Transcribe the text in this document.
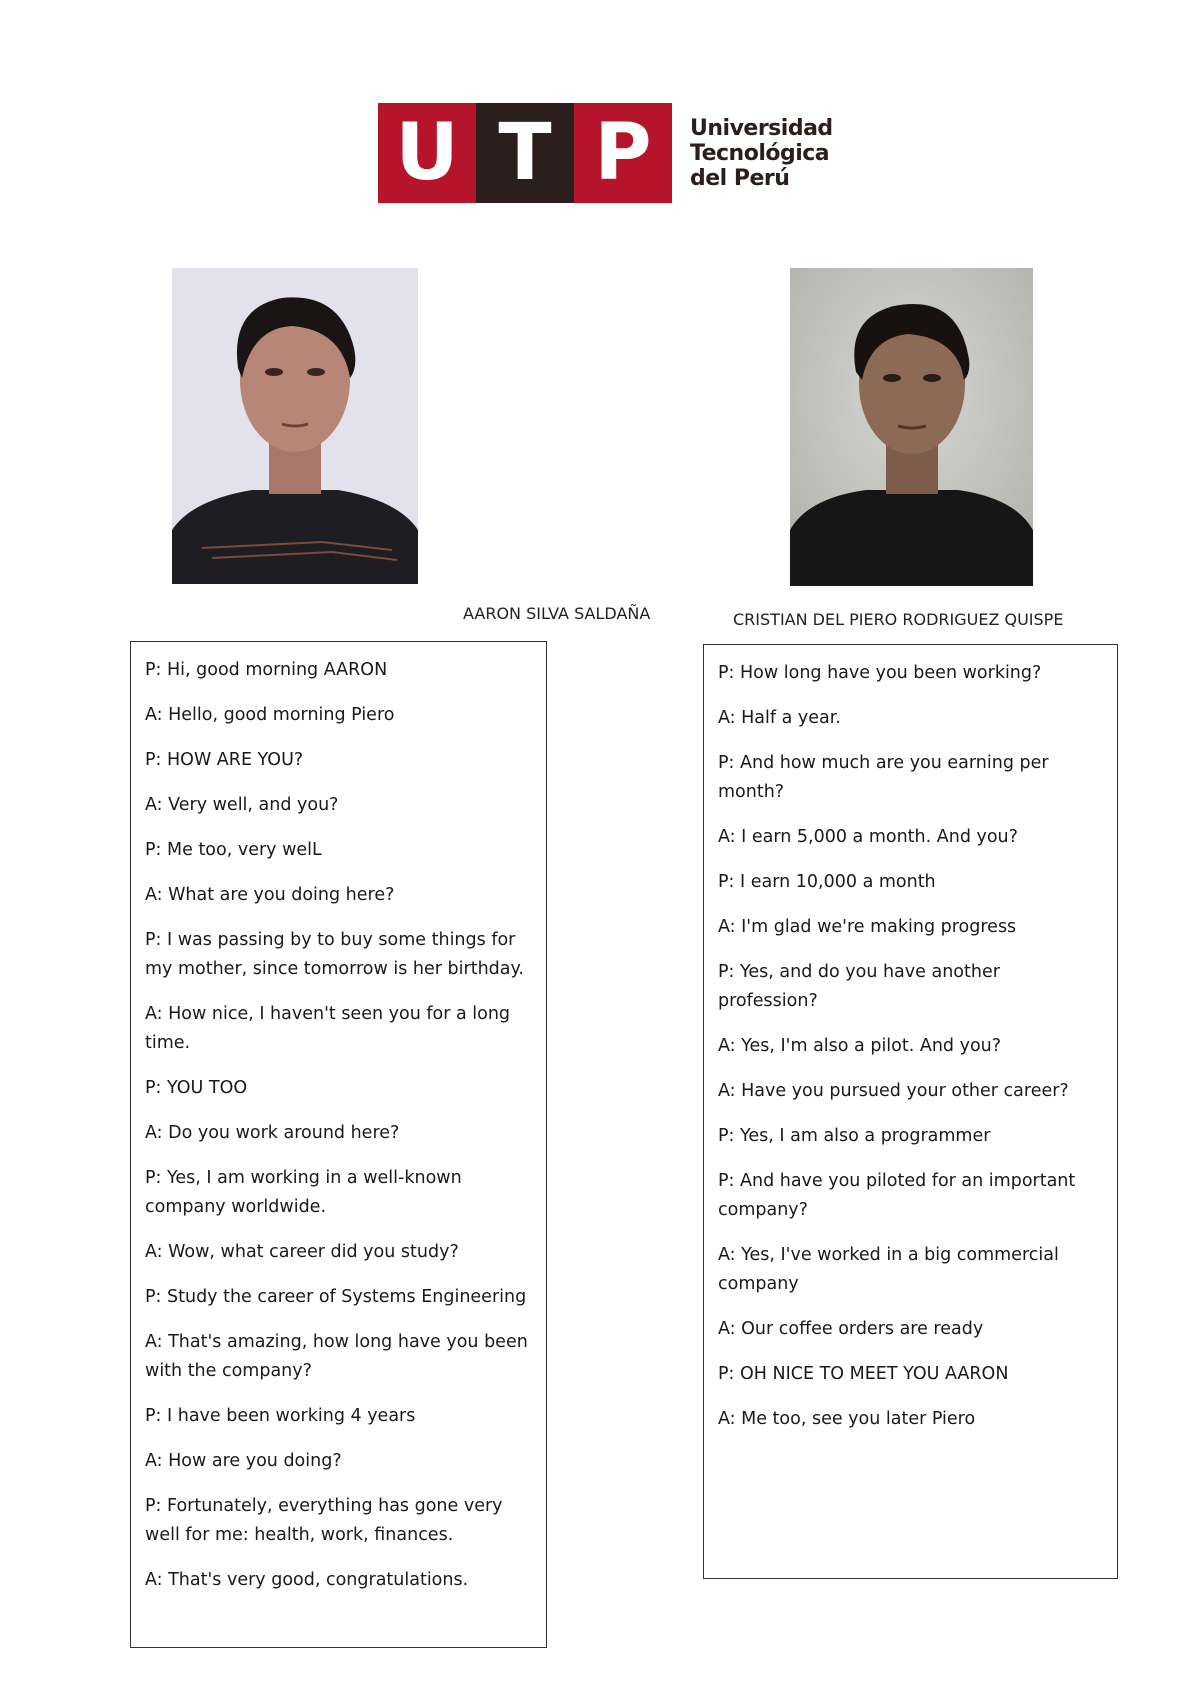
U T P	Universidad
Tecnológica
del Perú
AARON SILVA SALDAÑA	CRISTIAN DEL PIERO RODRIGUEZ QUISPE
P: Hi, good morning AARON
A: Hello, good morning Piero
P: HOW ARE YOU?
A: Very well, and you?
P: Me too, very welL
A: What are you doing here?
P: I was passing by to buy some things for my mother, since tomorrow is her birthday.
A: How nice, I haven't seen you for a long time.
P: YOU TOO
A: Do you work around here?
P: Yes, I am working in a well-known company worldwide.
A: Wow, what career did you study?
P: Study the career of Systems Engineering
A: That's amazing, how long have you been with the company?
P: I have been working 4 years
A: How are you doing?
P: Fortunately, everything has gone very well for me: health, work, finances.
A: That's very good, congratulations.
P: How long have you been working?
A: Half a year.
P: And how much are you earning per month?
A: I earn 5,000 a month. And you?
P: I earn 10,000 a month
A: I'm glad we're making progress
P: Yes, and do you have another profession?
A: Yes, I'm also a pilot. And you?
A: Have you pursued your other career?
P: Yes, I am also a programmer
P: And have you piloted for an important company?
A: Yes, I've worked in a big commercial company
A: Our coffee orders are ready
P: OH NICE TO MEET YOU AARON
A: Me too, see you later Piero
